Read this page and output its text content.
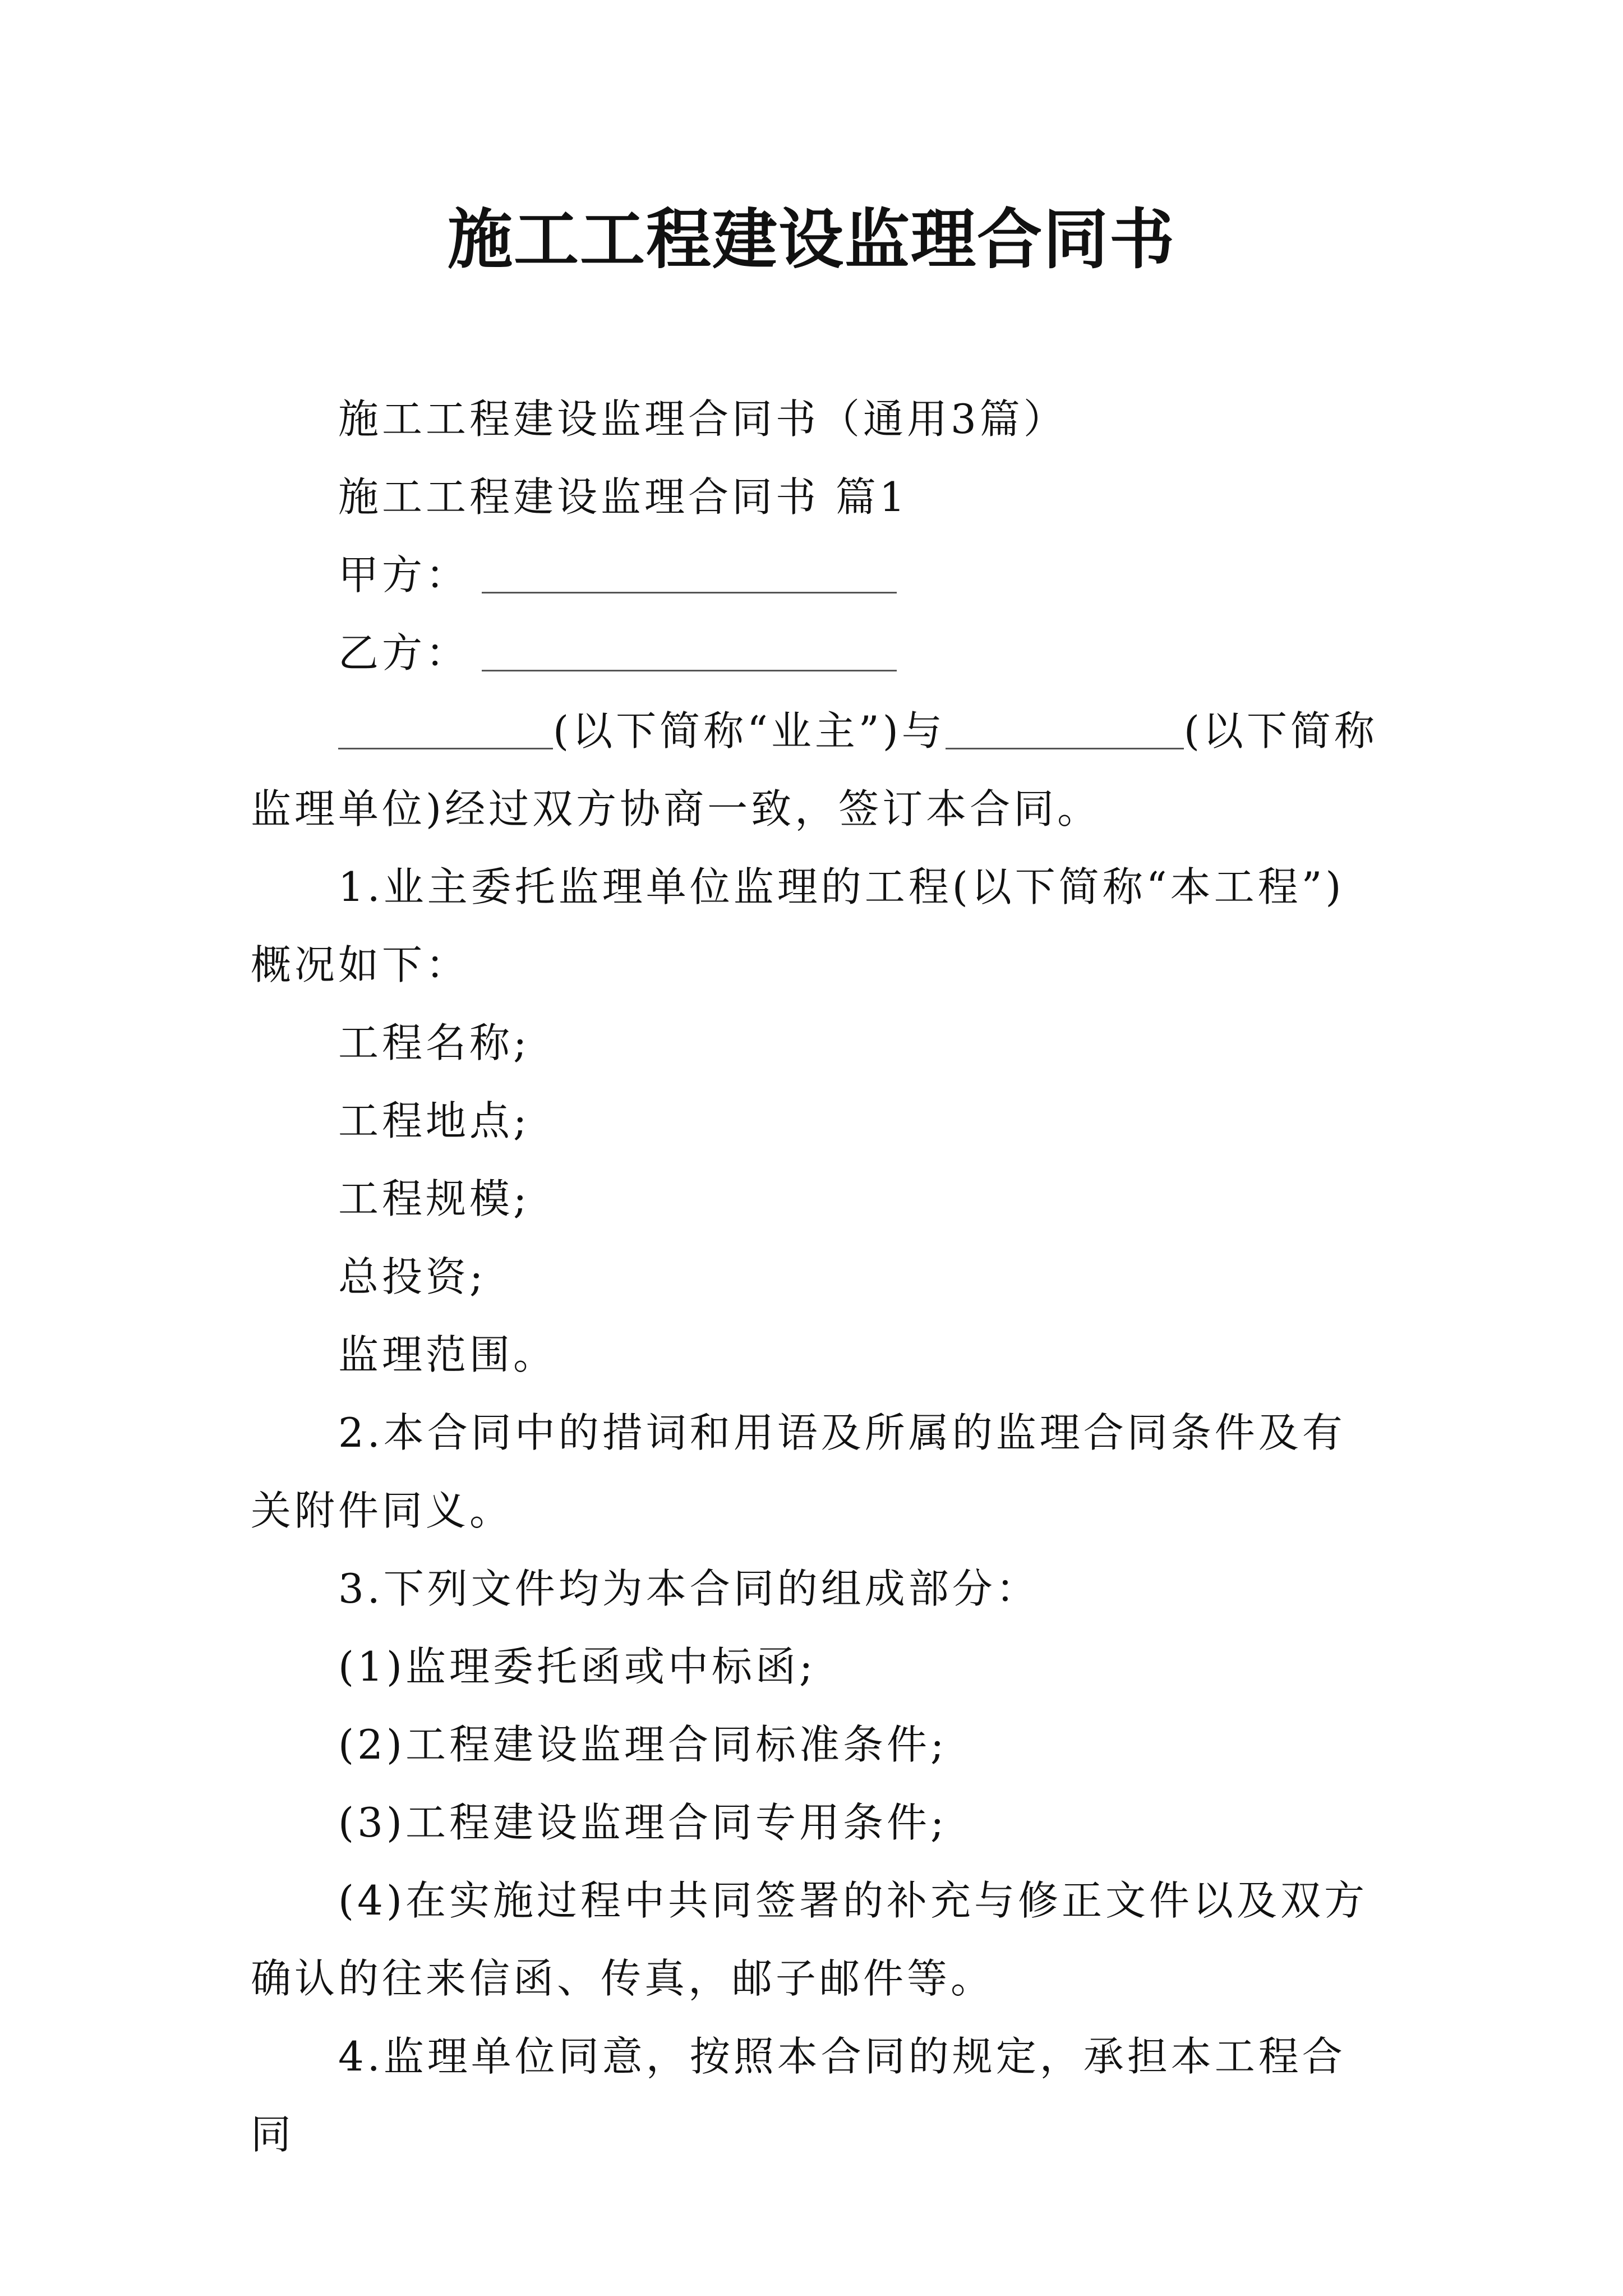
施工工程建设监理合同书

施工工程建设监理合同书（通用3篇）

施工工程建设监理合同书 篇1

甲方：

乙方：

(以下简称“业主”)与	(以下简称监理单位)经过双方协商一致，签订本合同。

1.业主委托监理单位监理的工程(以下简称“本工程”)概况如下：

工程名称;

工程地点;

工程规模;

总投资;

监理范围。

2.本合同中的措词和用语及所属的监理合同条件及有关附件同义。

3.下列文件均为本合同的组成部分：

(1)监理委托函或中标函;

(2)工程建设监理合同标准条件;

(3)工程建设监理合同专用条件;

(4)在实施过程中共同签署的补充与修正文件以及双方确认的往来信函、传真，邮子邮件等。

4.监理单位同意，按照本合同的规定，承担本工程合同
